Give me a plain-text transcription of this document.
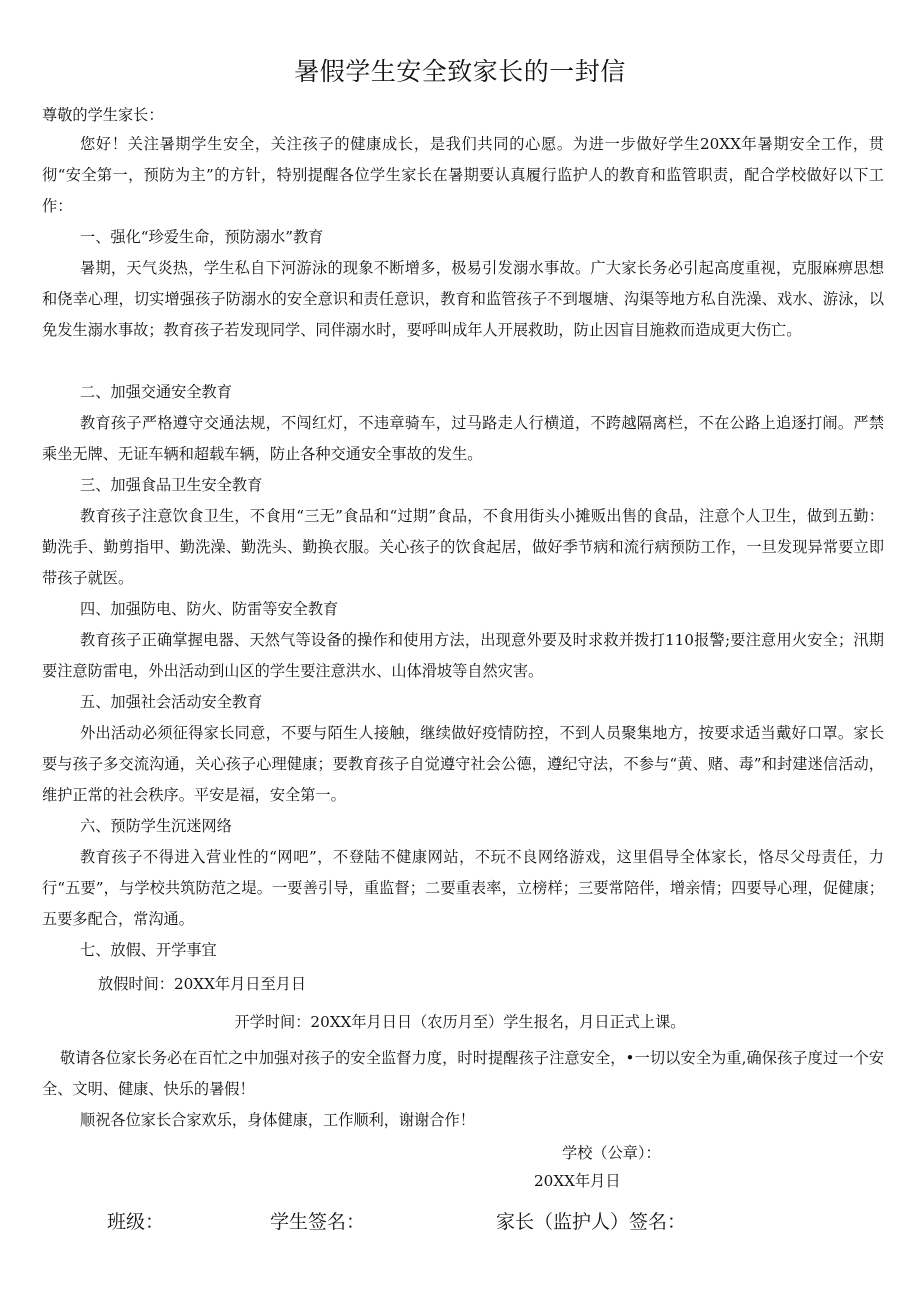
暑假学生安全致家长的一封信
尊敬的学生家长：
您好！关注暑期学生安全，关注孩子的健康成长，是我们共同的心愿。为进一步做好学生20XX年暑期安全工作，贯彻“安全第一，预防为主”的方针，特别提醒各位学生家长在暑期要认真履行监护人的教育和监管职责，配合学校做好以下工作：
一、强化“珍爱生命，预防溺水”教育
暑期，天气炎热，学生私自下河游泳的现象不断增多，极易引发溺水事故。广大家长务必引起高度重视，克服麻痹思想和侥幸心理，切实增强孩子防溺水的安全意识和责任意识，教育和监管孩子不到堰塘、沟渠等地方私自洗澡、戏水、游泳，以免发生溺水事故；教育孩子若发现同学、同伴溺水时，要呼叫成年人开展救助，防止因盲目施救而造成更大伤亡。
二、加强交通安全教育
教育孩子严格遵守交通法规，不闯红灯，不违章骑车，过马路走人行横道，不跨越隔离栏，不在公路上追逐打闹。严禁乘坐无牌、无证车辆和超载车辆，防止各种交通安全事故的发生。
三、加强食品卫生安全教育
教育孩子注意饮食卫生，不食用“三无”食品和“过期”食品，不食用街头小摊贩出售的食品，注意个人卫生，做到五勤：勤洗手、勤剪指甲、勤洗澡、勤洗头、勤换衣服。关心孩子的饮食起居，做好季节病和流行病预防工作，一旦发现异常要立即带孩子就医。
四、加强防电、防火、防雷等安全教育
教育孩子正确掌握电器、天然气等设备的操作和使用方法，出现意外要及时求救并拨打110报警;要注意用火安全；汛期要注意防雷电，外出活动到山区的学生要注意洪水、山体滑坡等自然灾害。
五、加强社会活动安全教育
外出活动必须征得家长同意，不要与陌生人接触，继续做好疫情防控，不到人员聚集地方，按要求适当戴好口罩。家长要与孩子多交流沟通，关心孩子心理健康；要教育孩子自觉遵守社会公德，遵纪守法，不参与“黄、赌、毒”和封建迷信活动，维护正常的社会秩序。平安是福，安全第一。
六、预防学生沉迷网络
教育孩子不得进入营业性的“网吧”，不登陆不健康网站，不玩不良网络游戏，这里倡导全体家长，恪尽父母责任，力行“五要”，与学校共筑防范之堤。一要善引导，重监督；二要重表率，立榜样；三要常陪伴，增亲情；四要导心理，促健康；五要多配合，常沟通。
七、放假、开学事宜
放假时间：20XX年月日至月日
开学时间：20XX年月日日（农历月至）学生报名，月日正式上课。
敬请各位家长务必在百忙之中加强对孩子的安全监督力度，时时提醒孩子注意安全，•一切以安全为重,确保孩子度过一个安全、文明、健康、快乐的暑假！
顺祝各位家长合家欢乐，身体健康，工作顺利，谢谢合作！
学校（公章）：
20XX年月日
班级：	学生签名：	家长（监护人）签名：
